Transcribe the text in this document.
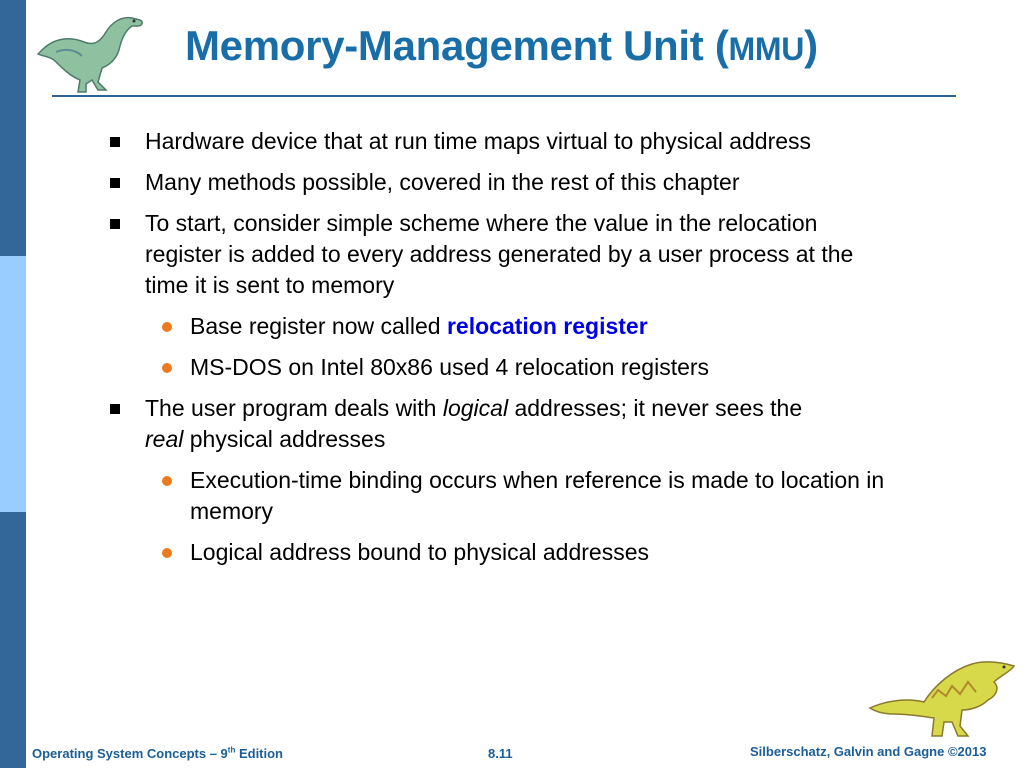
Memory-Management Unit (MMU)
Hardware device that at run time maps virtual to physical address
Many methods possible, covered in the rest of this chapter
To start, consider simple scheme where the value in the relocation register is added to every address generated by a user process at the time it is sent to memory
Base register now called relocation register
MS-DOS on Intel 80x86 used 4 relocation registers
The user program deals with logical addresses; it never sees the
real physical addresses
Execution-time binding occurs when reference is made to location in memory
Logical address bound to physical addresses
Operating System Concepts – 9th Edition	8.11	Silberschatz, Galvin and Gagne ©2013
